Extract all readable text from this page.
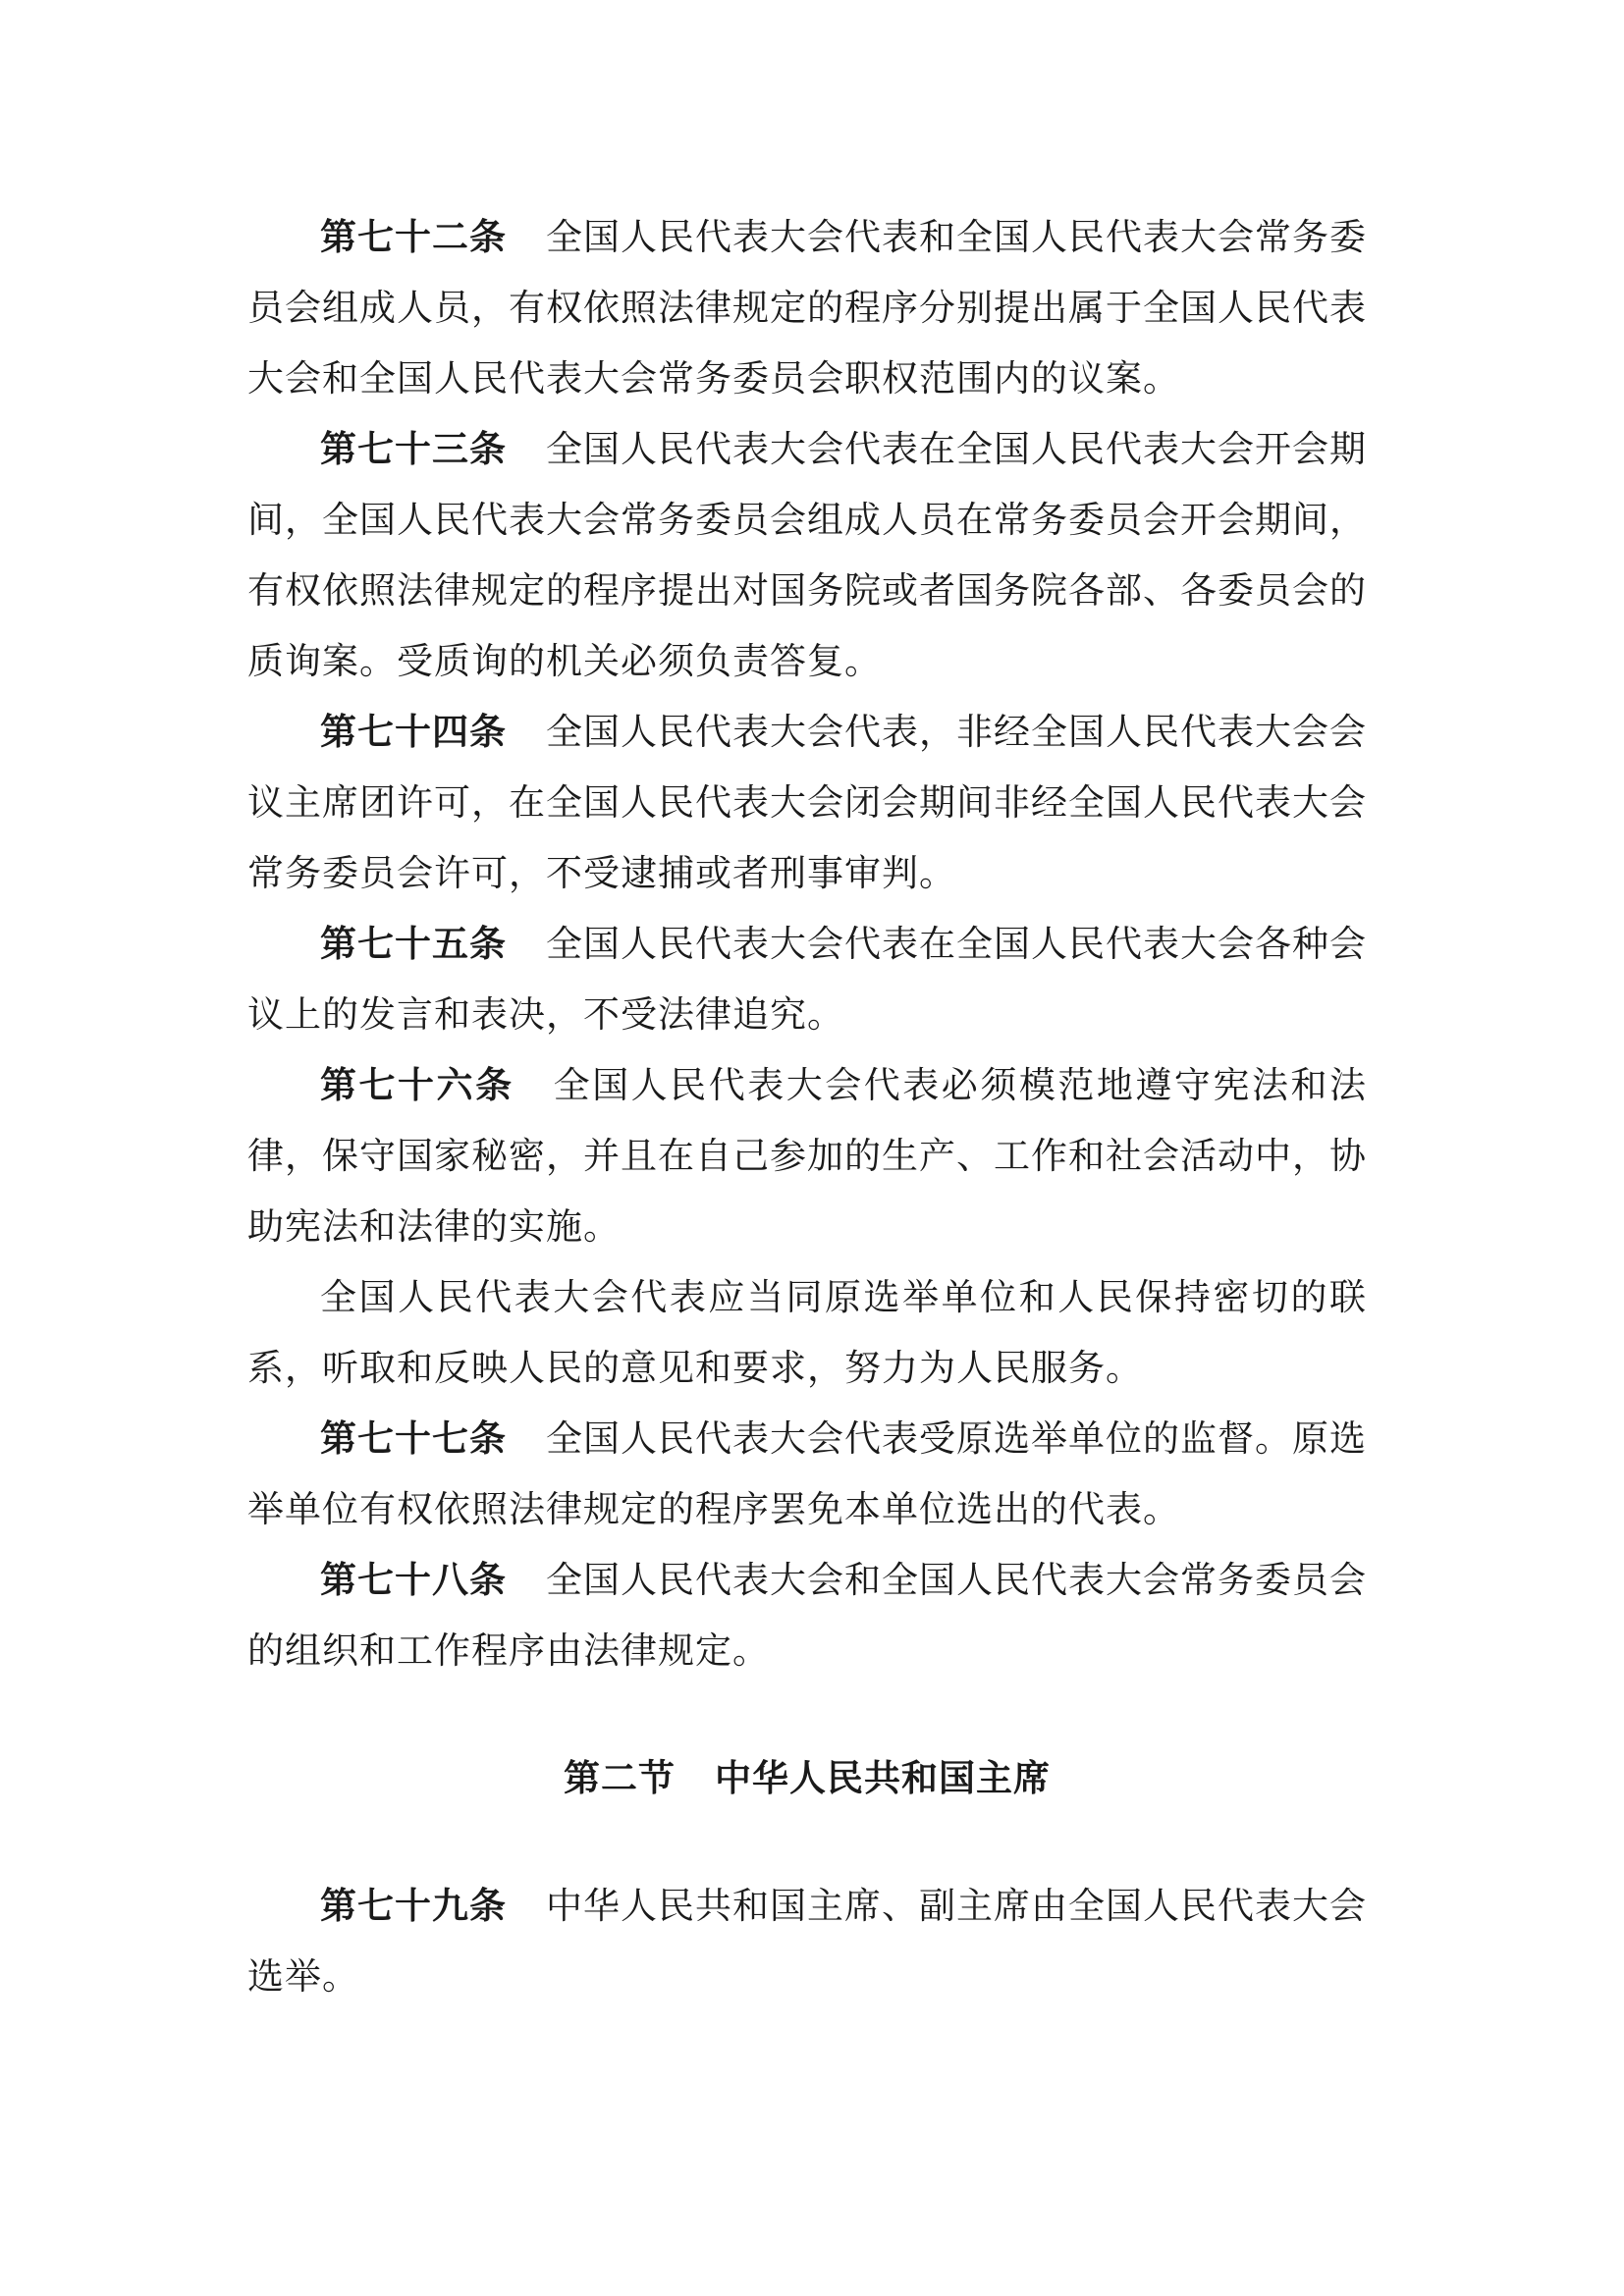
第七十二条 全国人民代表大会代表和全国人民代表大会常务委员会组成人员，有权依照法律规定的程序分别提出属于全国人民代表大会和全国人民代表大会常务委员会职权范围内的议案。

第七十三条 全国人民代表大会代表在全国人民代表大会开会期间，全国人民代表大会常务委员会组成人员在常务委员会开会期间，有权依照法律规定的程序提出对国务院或者国务院各部、各委员会的质询案。受质询的机关必须负责答复。

第七十四条 全国人民代表大会代表，非经全国人民代表大会会议主席团许可，在全国人民代表大会闭会期间非经全国人民代表大会常务委员会许可，不受逮捕或者刑事审判。

第七十五条 全国人民代表大会代表在全国人民代表大会各种会议上的发言和表决，不受法律追究。

第七十六条 全国人民代表大会代表必须模范地遵守宪法和法律，保守国家秘密，并且在自己参加的生产、工作和社会活动中，协助宪法和法律的实施。

全国人民代表大会代表应当同原选举单位和人民保持密切的联系，听取和反映人民的意见和要求，努力为人民服务。

第七十七条 全国人民代表大会代表受原选举单位的监督。原选举单位有权依照法律规定的程序罢免本单位选出的代表。

第七十八条 全国人民代表大会和全国人民代表大会常务委员会的组织和工作程序由法律规定。

第二节 中华人民共和国主席

第七十九条 中华人民共和国主席、副主席由全国人民代表大会选举。
